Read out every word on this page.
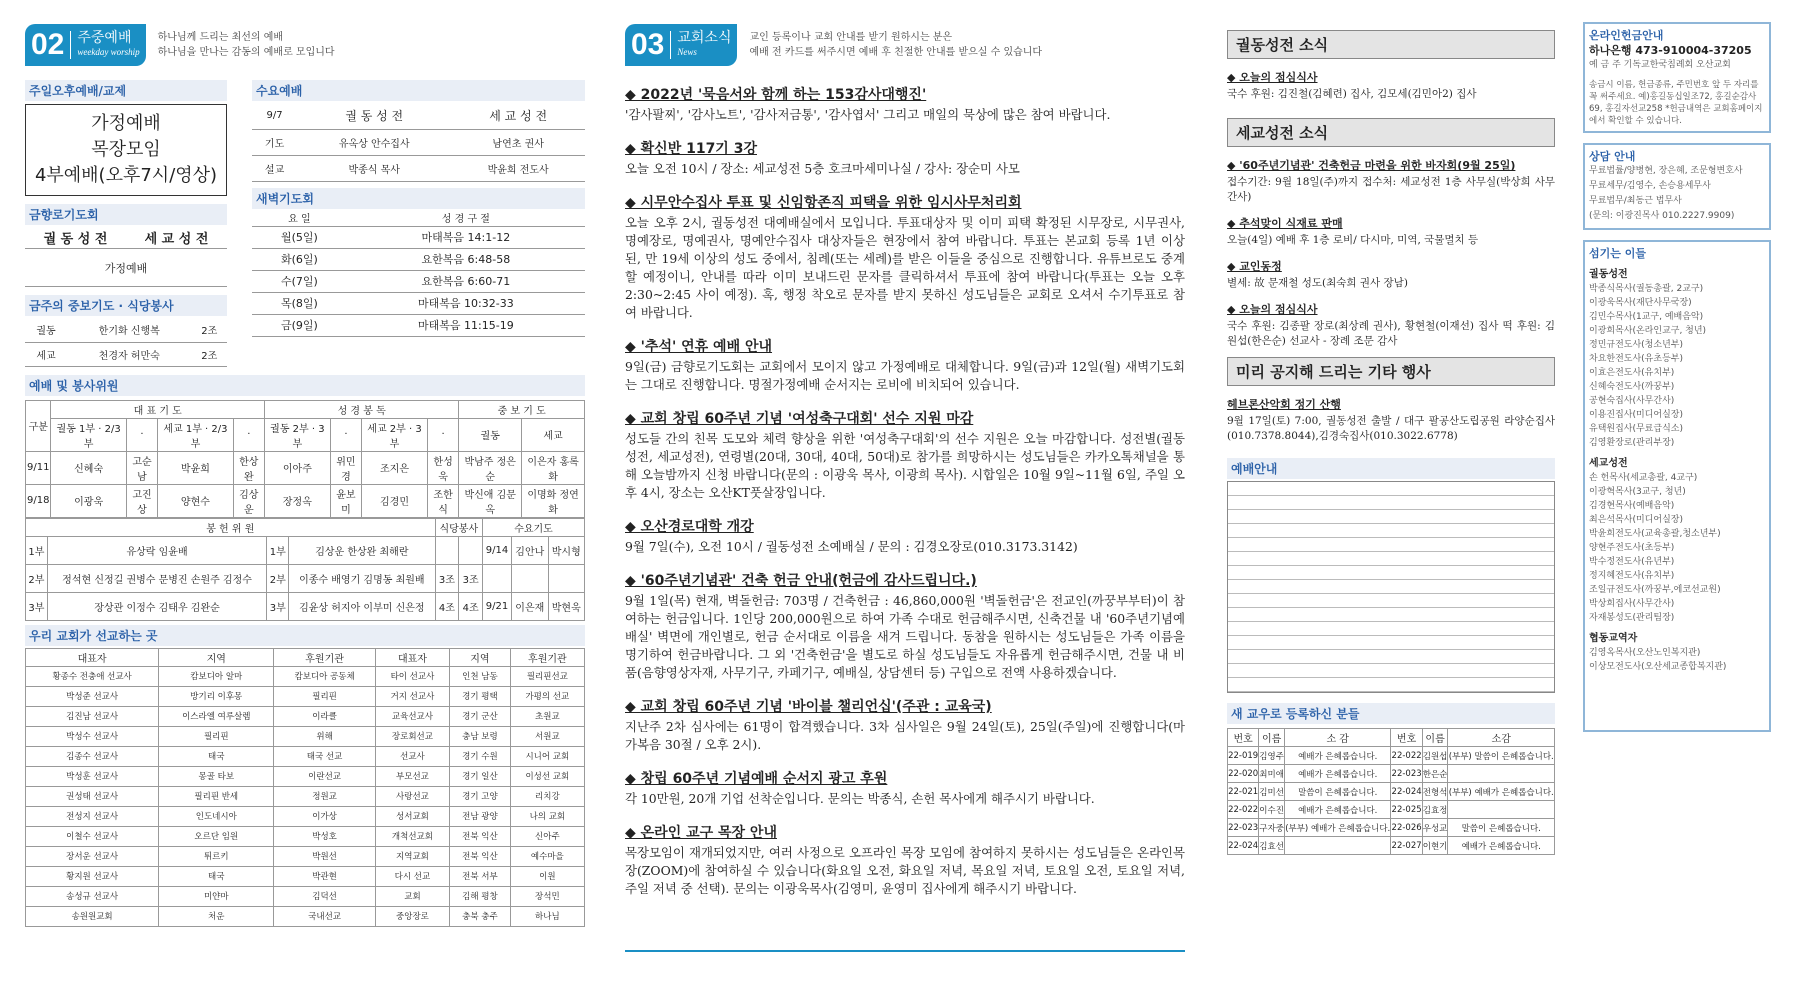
02 주중예배
weekday worship
하나님께 드리는 최선의 예배
하나님을 만나는 감동의 예배로 모입니다
주일오후예배/교제
가정예배
목장모임
4부예배(오후7시/영상)
금향로기도회
궐 동 성 전	세 교 성 전
가정예배
금주의 중보기도 · 식당봉사
궐동	한기화 신행복	2조
세교	천경자 허만숙	2조
수요예배
9/7	궐 동 성 전	세 교 성 전
기도	유옥상 안수집사	남연초 권사
설교	박종식 목사	박윤희 전도사
새벽기도회
요 일	성 경 구 절
월(5일)	마태복음 14:1-12
화(6일)	요한복음 6:48-58
수(7일)	요한복음 6:60-71
목(8일)	마태복음 10:32-33
금(9일)	마태복음 11:15-19
예배 및 봉사위원
구분	대 표 기 도				성 경 봉 독				중 보 기 도	
	궐동 1부 · 2/3부	·	세교 1부 · 2/3부	·	궐동 2부 · 3부	·	세교 2부 · 3부	·	궐동	세교
9/11	신혜숙	고순남	박윤희	한상완	이아주	위민경	조지은	한성욱	박남주 정은순	이은자 홍록화
9/18	이광욱	고진상	양현수	김상운	장정옥	윤보미	김경민	조한식	박신애 김문옥	이명화 정연화
봉 헌 위 원				식당봉사		수요기도		
1부	유상락 임윤배	1부	김상운 한상완 최해란			9/14	김안나	박시형
2부	정석현 신정길 권병수 문병진 손원주 김정수	2부	이종수 배영기 김명동 최원배	3조	3조			
3부	장상관 이정수 김태우 김완순	3부	김윤상 허지아 이부미 신은정	4조	4조	9/21	이은재	박현욱
우리 교회가 선교하는 곳
대표자	지역	후원기관	대표자	지역	후원기관
황종수 전충애 선교사	캄보디아 알마	캄보디아 공동체	타이 선교사	인천 남동	필리핀선교
박성준 선교사	방기리 이후몽	필리핀	거지 선교사	경기 평택	가평의 선교
김진남 선교사	이스라엘 여루살렘	이라클	교육선교사	경기 군산	초원교
박성수 선교사	필리핀	위해	장로회선교	충남 보령	서원교
김종수 선교사	태국	태국 선교	선교사	경기 수원	시니어 교회
박성훈 선교사	몽골 타보	이란선교	부모선교	경기 일산	이성선 교회
권성태 선교사	필리핀 반세	정원교	사랑선교	경기 고양	리치강
전성지 선교사	인도네시아	이가상	성서교회	전남 광양	나의 교회
이철수 선교사	오르단 임원	박성호	개척선교회	전북 익산	신아주
장서운 선교사	튀르키	박원선	지역교회	전북 익산	예수마을
황지원 선교사	태국	박관현	다시 선교	전북 서부	이원
송성규 선교사	미얀마	김덕선	교회	김해 평창	장석민
송원원교회	처운	국내선교	중앙장로	충북 충주	하나님
03 교회소식
News
교인 등록이나 교회 안내를 받기 원하시는 분은
예배 전 카드를 써주시면 예배 후 친절한 안내를 받으실 수 있습니다
◆ 2022년 '묵음서와 함께 하는 153감사대행진'
'감사팔찌', '감사노트', '감사저금통', '감사엽서' 그리고 매일의 묵상에 많은 참여 바랍니다.
◆ 확신반 117기 3강
오늘 오전 10시 / 장소: 세교성전 5층 호크마세미나실 / 강사: 장순미 사모
◆ 시무안수집사 투표 및 신임항존직 피택을 위한 임시사무처리회
오늘 오후 2시, 궐동성전 대예배실에서 모입니다. 투표대상자 및 이미 피택 확정된 시무장로, 시무권사, 명예장로, 명예권사, 명예안수집사 대상자들은 현장에서 참여 바랍니다. 투표는 본교회 등록 1년 이상 된, 만 19세 이상의 성도 중에서, 침례(또는 세례)를 받은 이들을 중심으로 진행합니다. 유튜브로도 중계할 예정이니, 안내를 따라 이미 보내드린 문자를 클릭하셔서 투표에 참여 바랍니다(투표는 오늘 오후 2:30~2:45 사이 예정). 혹, 행정 착오로 문자를 받지 못하신 성도님들은 교회로 오셔서 수기투표로 참여 바랍니다.
◆ '추석' 연휴 예배 안내
9일(금) 금향로기도회는 교회에서 모이지 않고 가정예배로 대체합니다. 9일(금)과 12일(월) 새벽기도회는 그대로 진행합니다. 명절가정예배 순서지는 로비에 비치되어 있습니다.
◆ 교회 창립 60주년 기념 '여성축구대회' 선수 지원 마감
성도들 간의 친목 도모와 체력 향상을 위한 '여성축구대회'의 선수 지원은 오늘 마감합니다. 성전별(궐동성전, 세교성전), 연령별(20대, 30대, 40대, 50대)로 참가를 희망하시는 성도님들은 카카오톡채널을 통해 오늘밤까지 신청 바랍니다(문의 : 이광욱 목사, 이광희 목사). 시합일은 10월 9일~11월 6일, 주일 오후 4시, 장소는 오산KT풋살장입니다.
◆ 오산경로대학 개강
9월 7일(수), 오전 10시 / 궐동성전 소예배실 / 문의 : 김경오장로(010.3173.3142)
◆ '60주년기념관' 건축 헌금 안내(헌금에 감사드립니다.)
9월 1일(목) 현재, 벽돌헌금: 703명 / 건축헌금 : 46,860,000원 '벽돌헌금'은 전교인(까꿍부부터)이 참여하는 헌금입니다. 1인당 200,000원으로 하여 가족 수대로 헌금해주시면, 신축건물 내 '60주년기념예배실' 벽면에 개인별로, 헌금 순서대로 이름을 새겨 드립니다. 동참을 원하시는 성도님들은 가족 이름을 명기하여 헌금바랍니다. 그 외 '건축헌금'을 별도로 하실 성도님들도 자유롭게 헌금해주시면, 건물 내 비품(음향영상자재, 사무기구, 카페기구, 예배실, 상담센터 등) 구입으로 전액 사용하겠습니다.
◆ 교회 창립 60주년 기념 '바이블 챌리언십'(주관 : 교육국)
지난주 2차 심사에는 61명이 합격했습니다. 3차 심사일은 9월 24일(토), 25일(주일)에 진행합니다(마가복음 30절 / 오후 2시).
◆ 창립 60주년 기념예배 순서지 광고 후원
각 10만원, 20개 기업 선착순입니다. 문의는 박종식, 손헌 목사에게 해주시기 바랍니다.
◆ 온라인 교구 목장 안내
목장모임이 재개되었지만, 여러 사정으로 오프라인 목장 모임에 참여하지 못하시는 성도님들은 온라인목장(ZOOM)에 참여하실 수 있습니다(화요일 오전, 화요일 저녁, 목요일 저녁, 토요일 오전, 토요일 저녁, 주일 저녁 중 선택). 문의는 이광욱목사(김영미, 윤영미 집사에게 해주시기 바랍니다.
궐동성전 소식
◆ 오늘의 점심식사
국수 후원: 김진철(김혜련) 집사, 김모세(김민아2) 집사
세교성전 소식
◆ '60주년기념관' 건축헌금 마련을 위한 바자회(9월 25일)
접수기간: 9월 18일(주)까지 접수처: 세교성전 1층 사무실(박상희 사무간사)
◆ 추석맞이 식재료 판매
오늘(4일) 예배 후 1층 로비/ 다시마, 미역, 국물멸치 등
◆ 교인동정
별세: 故 문재철 성도(최숙희 권사 장남)
◆ 오늘의 점심식사
국수 후원: 김종팔 장로(최상례 권사), 황현철(이재선) 집사 떡 후원: 김원섭(한은순) 선교사 - 장례 조문 감사
미리 공지해 드리는 기타 행사
헤브론산악회 정기 산행
9월 17일(토) 7:00, 궐동성전 출발 / 대구 팔공산도립공원 라양순집사(010.7378.8044),김경숙집사(010.3022.6778)
예배안내
새 교우로 등록하신 분들
번호	이름	소 감	번호	이름	소감
22-019	김영주	예배가 은혜롭습니다.	22-022	김원섭	(부부) 말씀이 은혜롭습니다.
22-020	최미애	예배가 은혜롭습니다.	22-023	한은순	
22-021	김미선	말씀이 은혜롭습니다.	22-024	전형석	(부부) 예배가 은혜롭습니다.
22-022	이수진	예배가 은혜롭습니다.	22-025	김효정	
22-023	구자중	(부부) 예배가 은혜롭습니다.	22-026	우성교	말씀이 은혜롭습니다.
22-024	김효선		22-027	이현기	예배가 은혜롭습니다.
온라인헌금안내
하나은행 473-910004-37205
예 금 주 기독교한국침례회 오산교회
송금시 이름, 헌금종류, 주민번호 앞 두 자리를 꼭 써주세요. 예)홍길동십일조72, 홍길순감사69, 홍길자선교258 *헌금내역은 교회홈페이지에서 확인할 수 있습니다.
상담 안내
무료법률/양병현, 장은혜, 조문형변호사
무료세무/김영수, 손승용세무사
무료법무/최동근 법무사
(문의: 이광진목사 010.2227.9909)
섬기는 이들
궐동성전
박종식목사(궐동총괄, 2교구)
이광욱목사(재단사무국장)
김민수목사(1교구, 예배음악)
이광희목사(온라인교구, 청년)
정민규전도사(청소년부)
차요한전도사(유초등부)
이효은전도사(유치부)
신혜숙전도사(까꿍부)
공현숙집사(사무간사)
이용진집사(미디어실장)
유택원집사(무료급식소)
김영환장로(관리부장)
세교성전
손 헌목사(세교총괄, 4교구)
이광혁목사(3교구, 청년)
김경현목사(예배음악)
최은석목사(미디어실장)
박윤희전도사(교육총괄,청소년부)
양현주전도사(초등부)
박수정전도사(유년부)
정지혜전도사(유치부)
조일규전도사(까꿍부,에코선교원)
박상희집사(사무간사)
자재봉성도(관리팀장)
협동교역자
김영옥목사(오산노인복지관)
이상모전도사(오산세교종합복지관)
